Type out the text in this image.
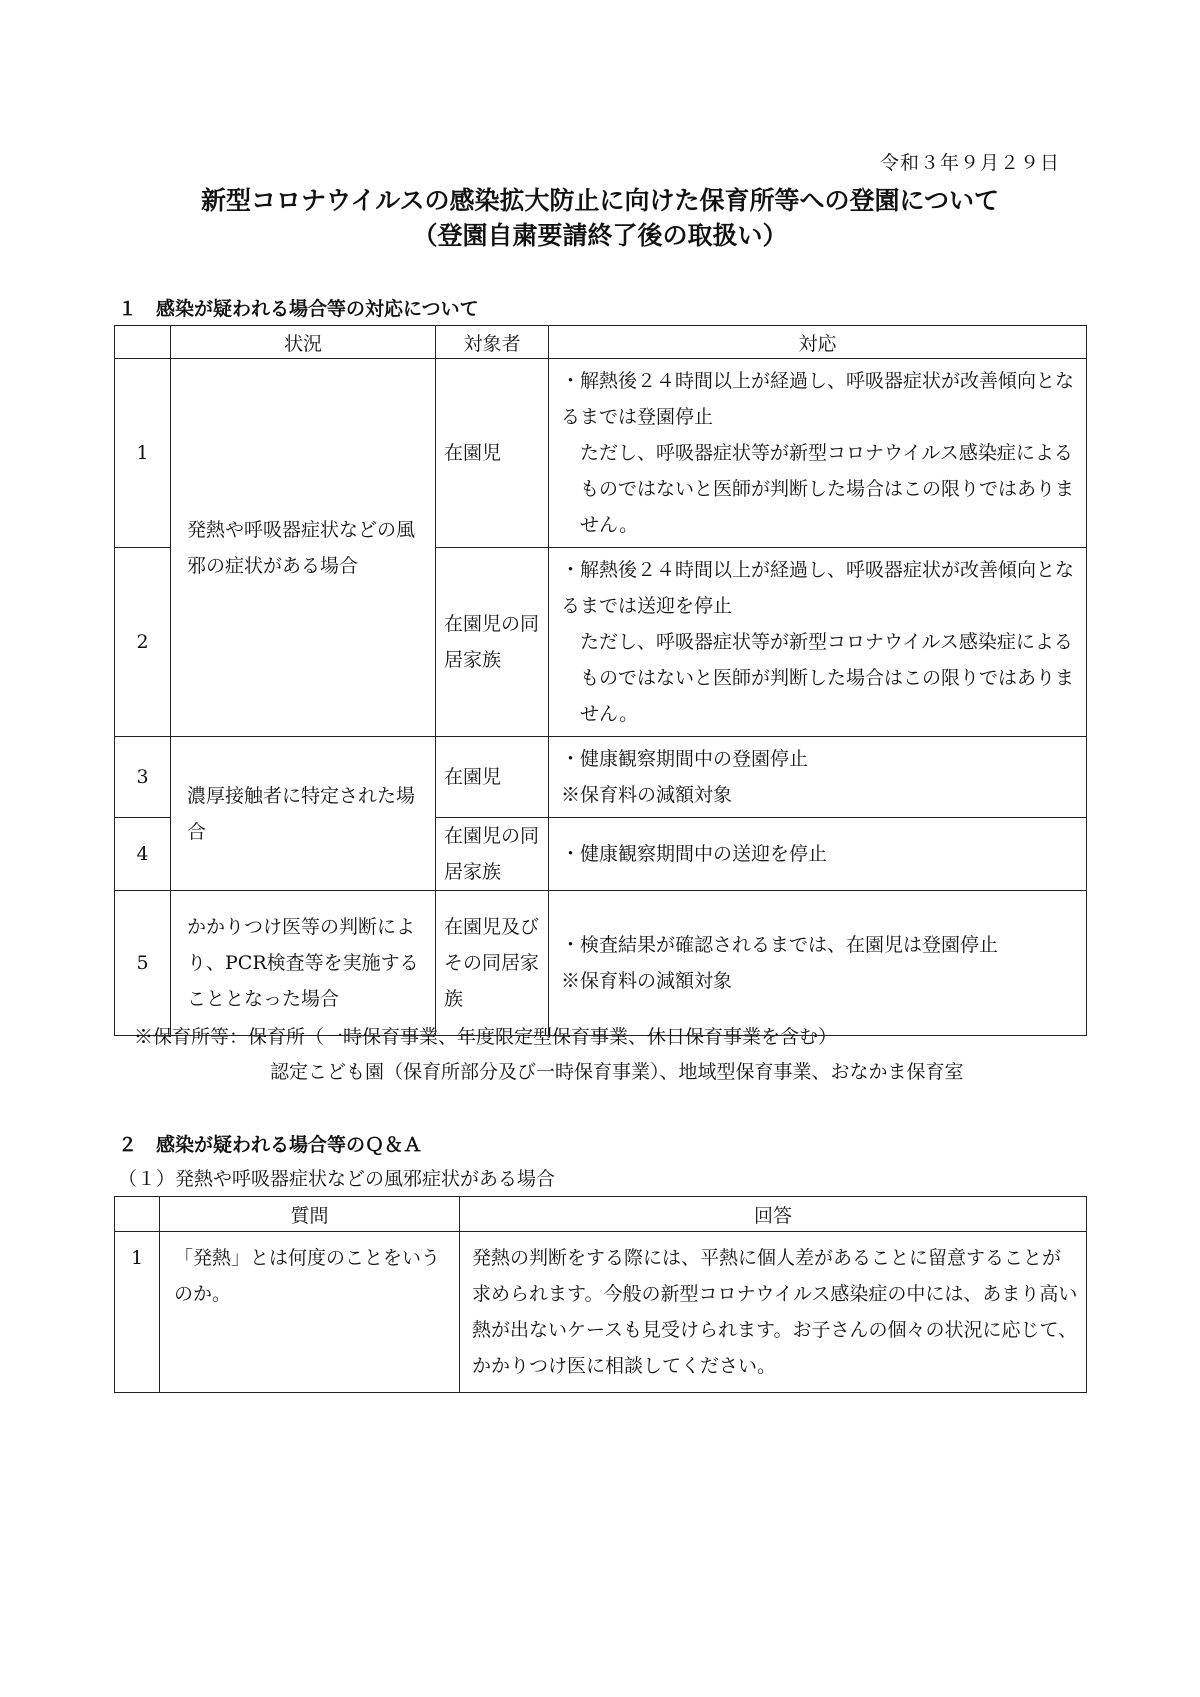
令和３年９月２９日
新型コロナウイルスの感染拡大防止に向けた保育所等への登園について
（登園自粛要請終了後の取扱い）
１　感染が疑われる場合等の対応について
	状況	対象者	対応
1	発熱や呼吸器症状などの風邪の症状がある場合	在園児	・解熱後２４時間以上が経過し、呼吸器症状が改善傾向となるまでは登園停止
ただし、呼吸器症状等が新型コロナウイルス感染症によるものではないと医師が判断した場合はこの限りではありません。

2		在園児の同居家族	・解熱後２４時間以上が経過し、呼吸器症状が改善傾向となるまでは送迎を停止
ただし、呼吸器症状等が新型コロナウイルス感染症によるものではないと医師が判断した場合はこの限りではありません。

3	濃厚接触者に特定された場合	在園児	・健康観察期間中の登園停止
※保育料の減額対象

4		在園児の同居家族	・健康観察期間中の送迎を停止

5	かかりつけ医等の判断により、PCR検査等を実施することとなった場合	在園児及びその同居家族	・検査結果が確認されるまでは、在園児は登園停止
※保育料の減額対象
※保育所等：保育所（一時保育事業、年度限定型保育事業、休日保育事業を含む）
認定こども園（保育所部分及び一時保育事業）、地域型保育事業、おなかま保育室
２　感染が疑われる場合等のＱ＆Ａ
（１）発熱や呼吸器症状などの風邪症状がある場合
	質問	回答
1	「発熱」とは何度のことをいうのか。	発熱の判断をする際には、平熱に個人差があることに留意することが求められます。今般の新型コロナウイルス感染症の中には、あまり高い熱が出ないケースも見受けられます。お子さんの個々の状況に応じて、かかりつけ医に相談してください。
